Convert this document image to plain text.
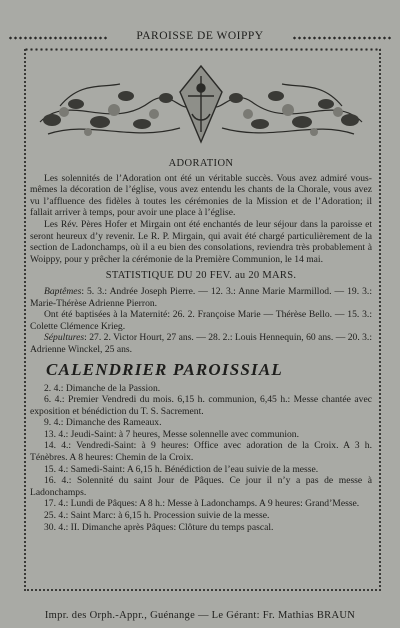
PAROISSE DE WOIPPY
ADORATION

Les solennités de l’Adoration ont été un véritable succès. Vous avez admiré vous-mêmes la décoration de l’église, vous avez entendu les chants de la Chorale, vous avez vu l’affluence des fidèles à toutes les cérémonies de la Mission et de l’Adoration; il fallait arriver à temps, pour avoir une place à l’église.

Les Rév. Pères Hofer et Mirgain ont été enchantés de leur séjour dans la paroisse et seront heureux d’y revenir. Le R. P. Mirgain, qui avait été chargé particulièrement de la section de Ladonchamps, où il a eu bien des consolations, reviendra très probablement à Woippy, pour y prêcher la cérémonie de la Première Communion, le 14 mai.

STATISTIQUE DU 20 FEV. au 20 MARS.

Baptêmes: 5. 3.: Andrée Joseph Pierre. — 12. 3.: Anne Marie Marmillod. — 19. 3.: Marie-Thérèse Adrienne Pierron.

Ont été baptisées à la Maternité: 26. 2. Françoise Marie — Thérèse Bello. — 15. 3.: Colette Clémence Krieg.

Sépultures: 27. 2. Victor Hourt, 27 ans. — 28. 2.: Louis Hennequin, 60 ans. — 20. 3.: Adrienne Winckel, 25 ans.

CALENDRIER PAROISSIAL

2. 4.: Dimanche de la Passion.

6. 4.: Premier Vendredi du mois. 6,15 h. communion, 6,45 h.: Messe chantée avec exposition et bénédiction du T. S. Sacrement.

9. 4.: Dimanche des Rameaux.

13. 4.: Jeudi-Saint: à 7 heures, Messe solennelle avec communion.

14. 4.: Vendredi-Saint: à 9 heures: Office avec adoration de la Croix. A 3 h. Ténèbres. A 8 heures: Chemin de la Croix.

15. 4.: Samedi-Saint: A 6,15 h. Bénédiction de l’eau suivie de la messe.

16. 4.: Solennité du saint Jour de Pâques. Ce jour il n’y a pas de messe à Ladonchamps.

17. 4.: Lundi de Pâques: A 8 h.: Messe à Ladonchamps. A 9 heures: Grand’Messe.

25. 4.: Saint Marc: à 6,15 h. Procession suivie de la messe.

30. 4.: II. Dimanche après Pâques: Clôture du temps pascal.

Impr. des Orph.-Appr., Guénange — Le Gérant: Fr. Mathias BRAUN
